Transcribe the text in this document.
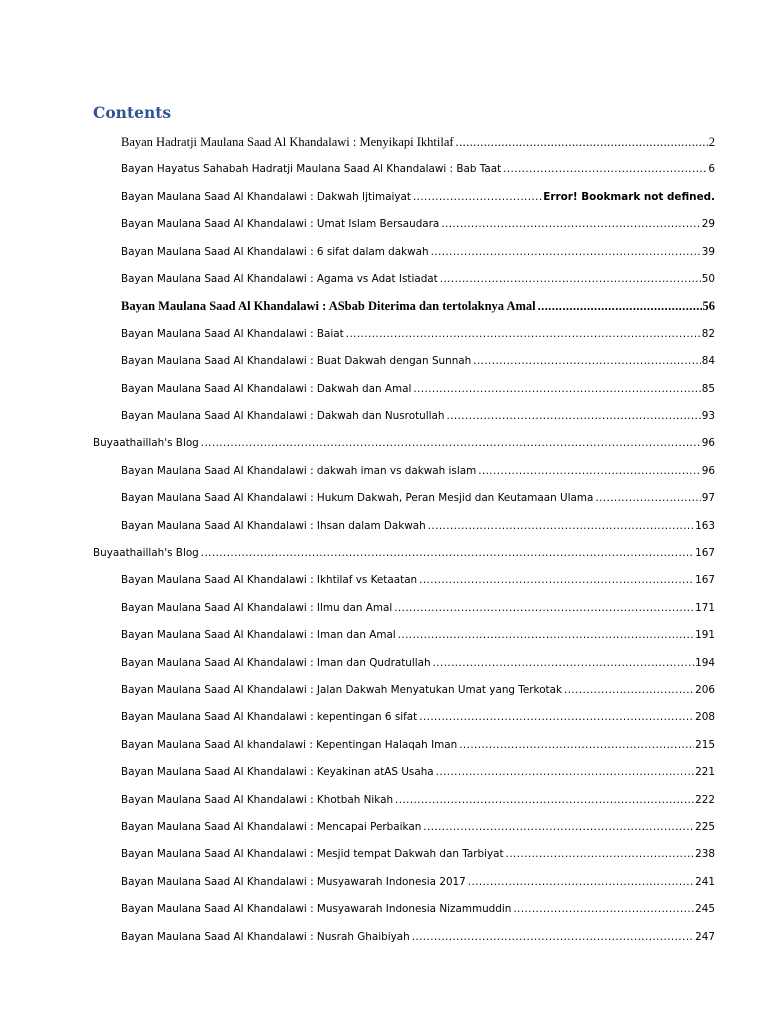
Contents
Bayan Hadratji Maulana Saad Al Khandalawi : Menyikapi Ikhtilaf .....	2
Bayan Hayatus Sahabah Hadratji Maulana Saad Al Khandalawi : Bab Taat .....	6
Bayan Maulana Saad Al Khandalawi : Dakwah Ijtimaiyat .....	Error! Bookmark not defined.
Bayan Maulana Saad Al Khandalawi : Umat Islam Bersaudara .....	29
Bayan Maulana Saad Al Khandalawi : 6 sifat dalam dakwah .....	39
Bayan Maulana Saad Al Khandalawi : Agama vs Adat Istiadat .....	50
Bayan Maulana Saad Al Khandalawi : ASbab Diterima dan tertolaknya Amal .....	56
Bayan Maulana Saad Al Khandalawi : Baiat .....	82
Bayan Maulana Saad Al Khandalawi : Buat Dakwah dengan Sunnah .....	84
Bayan Maulana Saad Al Khandalawi : Dakwah dan Amal .....	85
Bayan Maulana Saad Al Khandalawi : Dakwah dan Nusrotullah .....	93
Buyaathaillah's Blog .....	96
Bayan Maulana Saad Al Khandalawi : dakwah iman vs dakwah islam .....	96
Bayan Maulana Saad Al Khandalawi : Hukum Dakwah, Peran Mesjid dan Keutamaan Ulama .....	97
Bayan Maulana Saad Al Khandalawi : Ihsan dalam Dakwah .....	163
Buyaathaillah's Blog .....	167
Bayan Maulana Saad Al Khandalawi : Ikhtilaf vs Ketaatan .....	167
Bayan Maulana Saad Al Khandalawi : Ilmu dan Amal .....	171
Bayan Maulana Saad Al Khandalawi : Iman dan Amal .....	191
Bayan Maulana Saad Al Khandalawi : Iman dan Qudratullah .....	194
Bayan Maulana Saad Al Khandalawi : Jalan Dakwah Menyatukan Umat yang Terkotak .....	206
Bayan Maulana Saad Al Khandalawi : kepentingan 6 sifat .....	208
Bayan Maulana Saad Al khandalawi : Kepentingan Halaqah Iman .....	215
Bayan Maulana Saad Al Khandalawi : Keyakinan atAS Usaha .....	221
Bayan Maulana Saad Al Khandalawi : Khotbah Nikah .....	222
Bayan Maulana Saad Al Khandalawi : Mencapai Perbaikan .....	225
Bayan Maulana Saad Al Khandalawi : Mesjid tempat Dakwah dan Tarbiyat .....	238
Bayan Maulana Saad Al Khandalawi : Musyawarah Indonesia 2017 .....	241
Bayan Maulana Saad Al Khandalawi : Musyawarah Indonesia Nizammuddin .....	245
Bayan Maulana Saad Al Khandalawi : Nusrah Ghaibiyah .....	247
